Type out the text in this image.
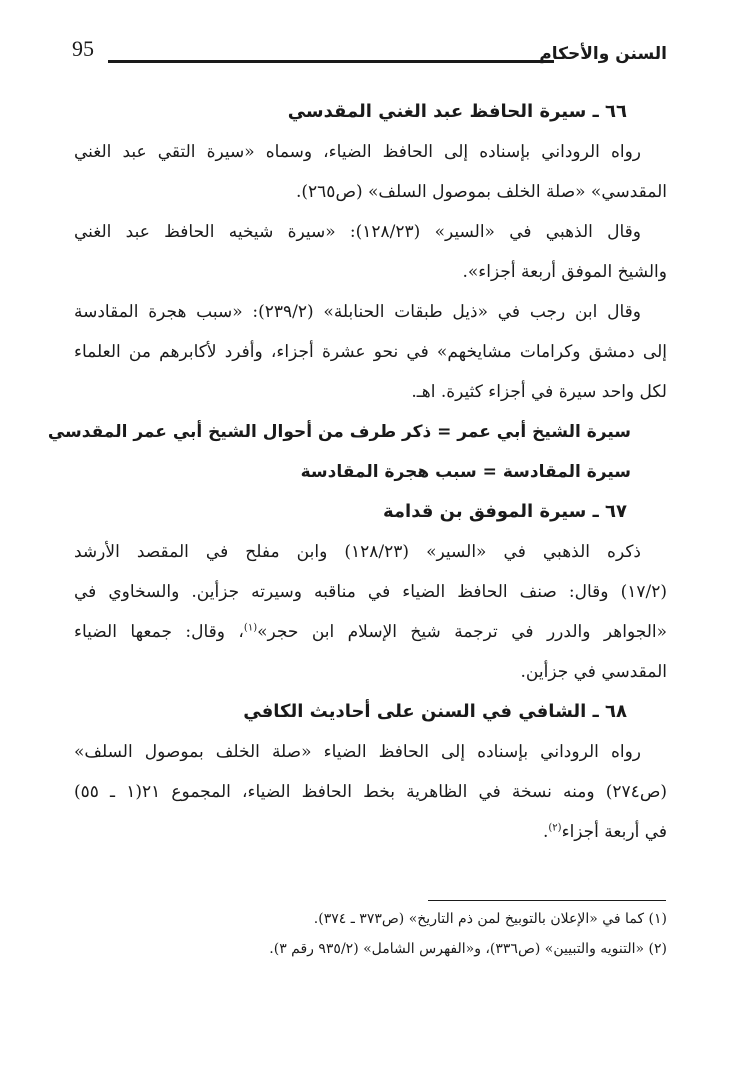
95	السنن والأحكام
٦٦ ـ سيرة الحافظ عبد الغني المقدسي
رواه الروداني بإسناده إلى الحافظ الضياء، وسماه «سيرة التقي عبد الغني
المقدسي» «صلة الخلف بموصول السلف» (ص٢٦٥).
وقال الذهبي في «السير» (١٢٨/٢٣): «سيرة شيخيه الحافظ عبد الغني
والشيخ الموفق أربعة أجزاء».
وقال ابن رجب في «ذيل طبقات الحنابلة» (٢٣٩/٢): «سبب هجرة المقادسة
إلى دمشق وكرامات مشايخهم» في نحو عشرة أجزاء، وأفرد لأكابرهم من العلماء
لكل واحد سيرة في أجزاء كثيرة. اهـ.
سيرة الشيخ أبي عمر = ذكر طرف من أحوال الشيخ أبي عمر المقدسي
سيرة المقادسة = سبب هجرة المقادسة
٦٧ ـ سيرة الموفق بن قدامة
ذكره الذهبي في «السير» (١٢٨/٢٣) وابن مفلح في المقصد الأرشد
(١٧/٢) وقال: صنف الحافظ الضياء في مناقبه وسيرته جزأين. والسخاوي في
«الجواهر والدرر في ترجمة شيخ الإسلام ابن حجر»$^{(١)}$، وقال: جمعها الضياء
المقدسي في جزأين.
٦٨ ـ الشافي في السنن على أحاديث الكافي
رواه الروداني بإسناده إلى الحافظ الضياء «صلة الخلف بموصول السلف»
(ص٢٧٤) ومنه نسخة في الظاهرية بخط الحافظ الضياء، المجموع ٢١(١ ـ ٥٥)
في أربعة أجزاء$^{(٢)}$.
(١) كما في «الإعلان بالتوبيخ لمن ذم التاريخ» (ص٣٧٣ ـ ٣٧٤).
(٢) «التنويه والتبيين» (ص٣٣٦)، و«الفهرس الشامل» (٩٣٥/٢ رقم ٣).
